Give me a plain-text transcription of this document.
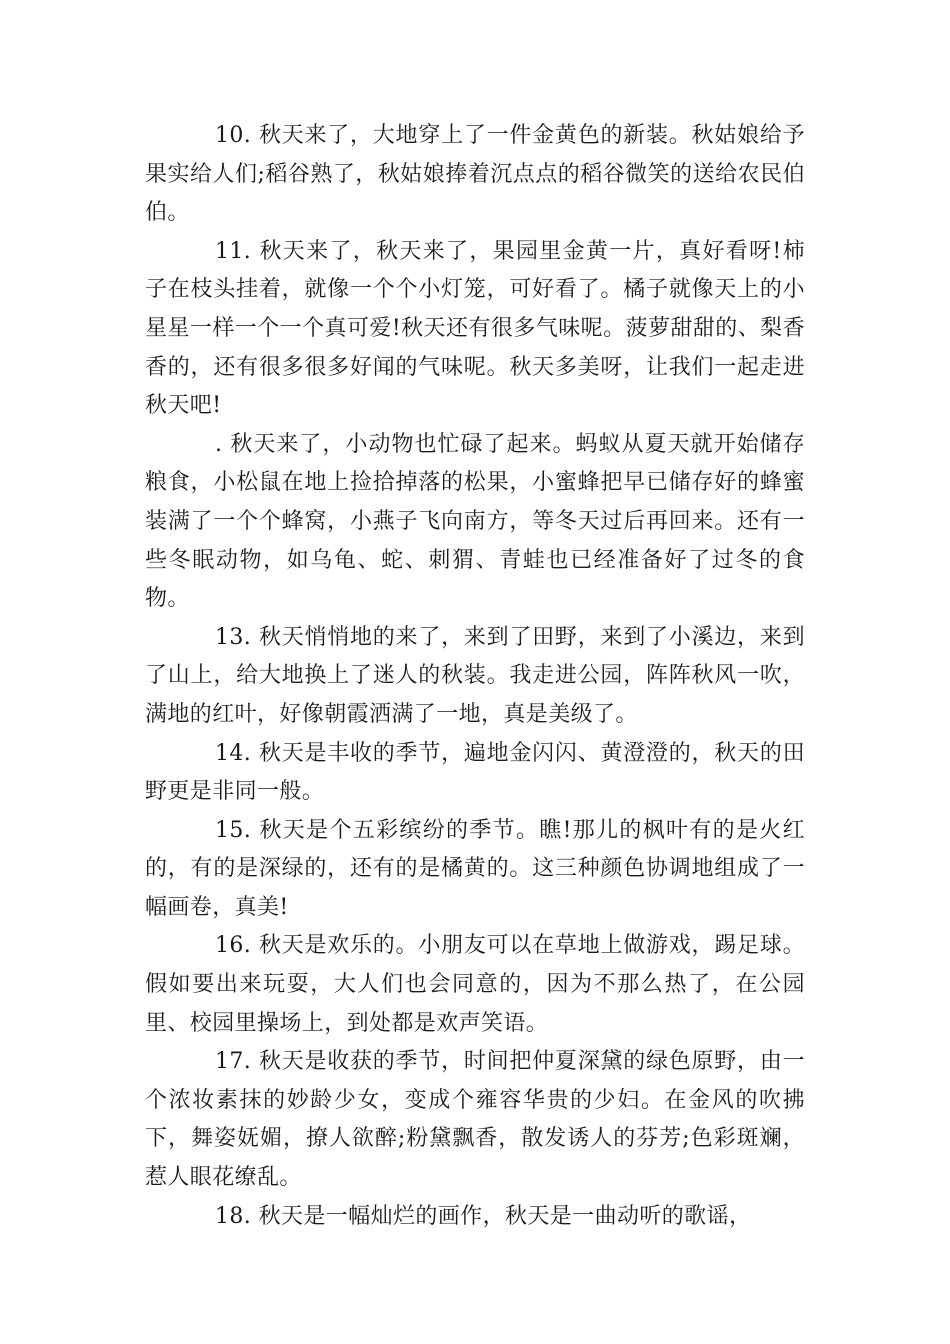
10. 秋天来了，大地穿上了一件金黄色的新装。秋姑娘给予果实给人们;稻谷熟了，秋姑娘捧着沉点点的稻谷微笑的送给农民伯伯。

11. 秋天来了，秋天来了，果园里金黄一片，真好看呀!柿子在枝头挂着，就像一个个小灯笼，可好看了。橘子就像天上的小星星一样一个一个真可爱!秋天还有很多气味呢。菠萝甜甜的、梨香香的，还有很多很多好闻的气味呢。秋天多美呀，让我们一起走进秋天吧!

. 秋天来了，小动物也忙碌了起来。蚂蚁从夏天就开始储存粮食，小松鼠在地上捡拾掉落的松果，小蜜蜂把早已储存好的蜂蜜装满了一个个蜂窝，小燕子飞向南方，等冬天过后再回来。还有一些冬眠动物，如乌龟、蛇、刺猬、青蛙也已经准备好了过冬的食物。

13. 秋天悄悄地的来了，来到了田野，来到了小溪边，来到了山上，给大地换上了迷人的秋装。我走进公园，阵阵秋风一吹，满地的红叶，好像朝霞洒满了一地，真是美级了。

14. 秋天是丰收的季节，遍地金闪闪、黄澄澄的，秋天的田野更是非同一般。

15. 秋天是个五彩缤纷的季节。瞧!那儿的枫叶有的是火红的，有的是深绿的，还有的是橘黄的。这三种颜色协调地组成了一幅画卷，真美!

16. 秋天是欢乐的。小朋友可以在草地上做游戏，踢足球。假如要出来玩耍，大人们也会同意的，因为不那么热了，在公园里、校园里操场上，到处都是欢声笑语。

17. 秋天是收获的季节，时间把仲夏深黛的绿色原野，由一个浓妆素抹的妙龄少女，变成个雍容华贵的少妇。在金风的吹拂下，舞姿妩媚，撩人欲醉;粉黛飘香，散发诱人的芬芳;色彩斑斓，惹人眼花缭乱。

18. 秋天是一幅灿烂的画作，秋天是一曲动听的歌谣，
